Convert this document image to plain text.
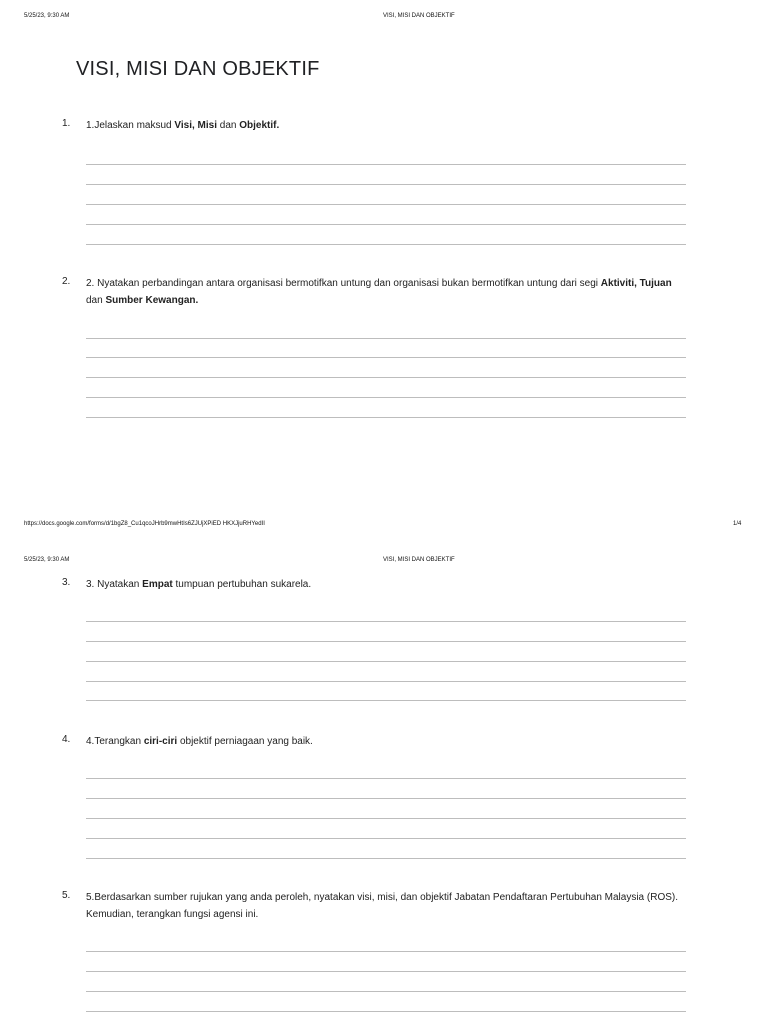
5/25/23, 9:30 AM	VISI, MISI DAN OBJEKTIF
VISI, MISI DAN OBJEKTIF
1. 1.Jelaskan maksud Visi, Misi dan Objektif.
2. 2. Nyatakan perbandingan antara organisasi bermotifkan untung dan organisasi bukan bermotifkan untung dari segi Aktiviti, Tujuan dan Sumber Kewangan.
https://docs.google.com/forms/d/1bgZ8_Cu1qcoJHrb9mwHtIs6ZJUjXPiED HKXJjuRHYedII	1/4
5/25/23, 9:30 AM	VISI, MISI DAN OBJEKTIF
3. 3. Nyatakan Empat tumpuan pertubuhan sukarela.
4. 4.Terangkan ciri-ciri objektif perniagaan yang baik.
5. 5.Berdasarkan sumber rujukan yang anda peroleh, nyatakan visi, misi, dan objektif Jabatan Pendaftaran Pertubuhan Malaysia (ROS). Kemudian, terangkan fungsi agensi ini.
